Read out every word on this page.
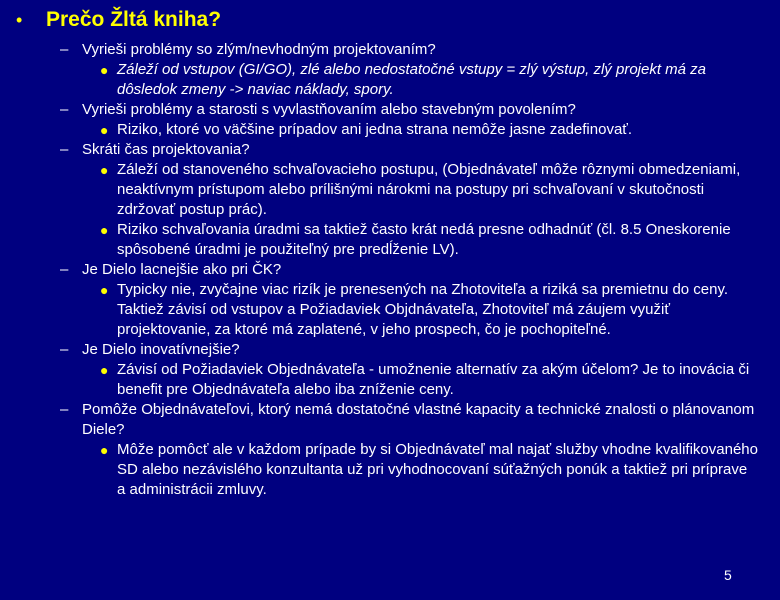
•	Prečo Žltá kniha?
– Vyrieši problémy so zlým/nevhodným projektovaním?
● Záleží od vstupov (GI/GO), zlé alebo nedostatočné vstupy = zlý výstup, zlý projekt má za dôsledok zmeny -> naviac náklady, spory.
– Vyrieši problémy a starosti s vyvlastňovaním alebo stavebným povolením?
● Riziko, ktoré vo väčšine prípadov ani jedna strana nemôže jasne zadefinovať.
– Skráti čas projektovania?
● Záleží od stanoveného schvaľovacieho postupu, (Objednávateľ môže rôznymi obmedzeniami, neaktívnym prístupom alebo prílišnými nárokmi na postupy pri schvaľovaní v skutočnosti zdržovať postup prác).
● Riziko schvaľovania úradmi sa taktiež často krát nedá presne odhadnúť (čl. 8.5 Oneskorenie spôsobené úradmi je použiteľný pre predĺženie LV).
– Je Dielo lacnejšie ako pri ČK?
● Typicky nie, zvyčajne viac rizík je prenesených na Zhotoviteľa a riziká sa premietnu do ceny. Taktiež závisí od vstupov a Požiadaviek Objdnávateľa, Zhotoviteľ má záujem využiť projektovanie, za ktoré má zaplatené, v jeho prospech, čo je pochopiteľné.
– Je Dielo inovatívnejšie?
● Závisí od Požiadaviek Objednávateľa - umožnenie alternatív za akým účelom? Je to inovácia či benefit pre Objednávateľa alebo iba zníženie ceny.
– Pomôže Objednávateľovi, ktorý nemá dostatočné vlastné kapacity a technické znalosti o plánovanom Diele?
● Môže pomôcť ale v každom prípade by si Objednávateľ mal najať služby vhodne kvalifikovaného SD alebo nezávislého konzultanta už pri vyhodnocovaní súťažných ponúk a taktiež pri príprave a administrácii zmluvy.
5
